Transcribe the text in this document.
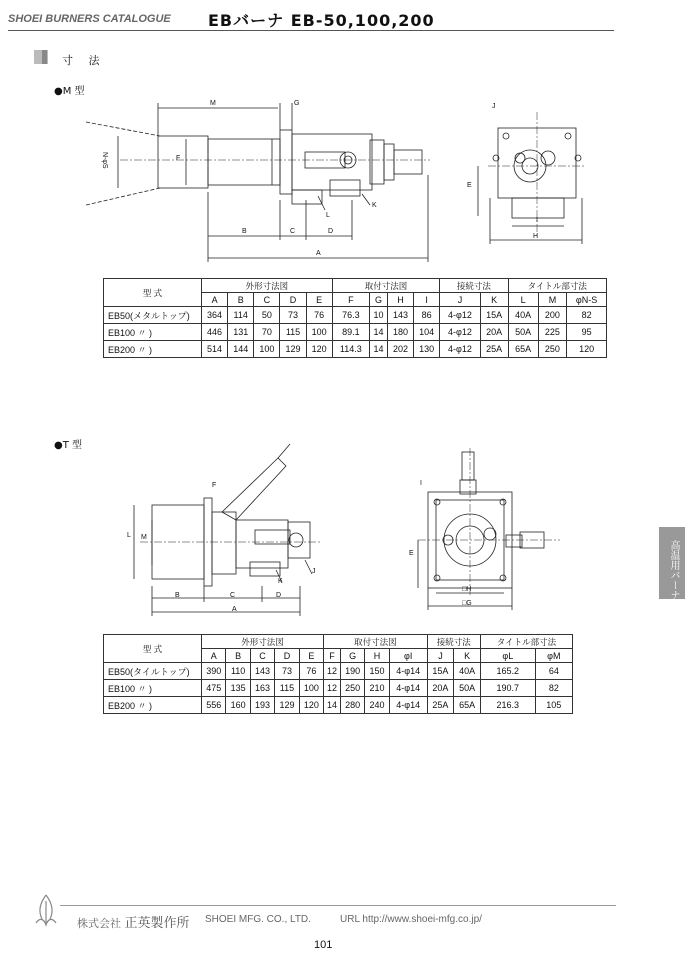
SHOEI BURNERS CATALOGUE EBバーナ EB-50,100,200
寸 法
●M 型
M	G	J
N-φS	F
L
K
E
I
H
B	C	D
A
型 式	外形寸法図					取付寸法図				接続寸法		タイトル部寸法		
	A	B	C	D	E	F	G	H	I	J	K	L	M	φN-S
EB50(メタルトップ)	364	114	50	73	76	76.3	10	143	86	4-φ12	15A	40A	200	82
EB100 〃 )	446	131	70	115	100	89.1	14	180	104	4-φ12	20A	50A	225	95
EB200 〃 )	514	144	100	129	120	114.3	14	202	130	4-φ12	25A	65A	250	120
●T 型
F
L M
K
J
I
E
B	C	D
A
□H
□G
型 式	外形寸法図					取付寸法図				接続寸法		タイトル部寸法	
	A	B	C	D	E	F	G	H	φI	J	K	φL	φM
EB50(タイルトップ)	390	110	143	73	76	12	190	150	4-φ14	15A	40A	165.2	64
EB100 〃 )	475	135	163	115	100	12	250	210	4-φ14	20A	50A	190.7	82
EB200 〃 )	556	160	193	129	120	14	280	240	4-φ14	25A	65A	216.3	105
高温用バーナ
株式会社 正英製作所 SHOEI MFG. CO., LTD.	URL http://www.shoei-mfg.co.jp/
101
